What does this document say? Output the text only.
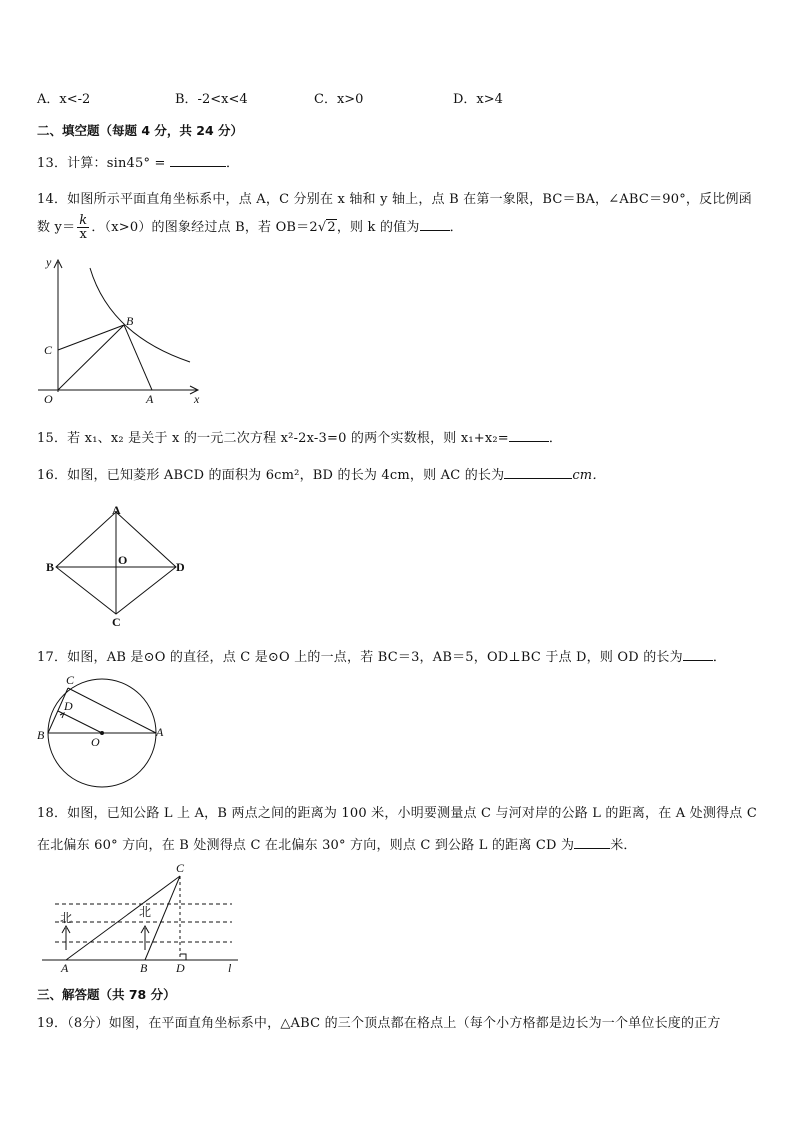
A．x<-2	B．-2<x<4	C．x>0	D．x>4
二、填空题（每题 4 分，共 24 分）
13．计算：sin45° =	．
14．如图所示平面直角坐标系中，点 A，C 分别在 x 轴和 y 轴上，点 B 在第一象限，BC＝BA，∠ABC＝90°，反比例函
数 $y= \frac{k}{x}$ ．（x>0）的图象经过点 B，若 OB＝2√2，则 k 的值为 ．
y
B
C
O	A	x
15．若 x₁、x₂ 是关于 x 的一元二次方程 x²-2x-3=0 的两个实数根，则 x₁+x₂=	．
16．如图，已知菱形 ABCD 的面积为 6cm²，BD 的长为 4cm，则 AC 的长为	cm．
A
B	D
C
O
17．如图，AB 是⊙O 的直径，点 C 是⊙O 上的一点，若 BC＝3，AB＝5，OD⊥BC 于点 D，则 OD 的长为 ．
C
D
B	O
A
18．如图，已知公路 L 上 A，B 两点之间的距离为 100 米，小明要测量点 C 与河对岸的公路 L 的距离，在 A 处测得点 C
在北偏东 60° 方向，在 B 处测得点 C 在北偏东 30° 方向，则点 C 到公路 L 的距离 CD 为	米．
C
北	北
A	B D	l
三、解答题（共 78 分）
19．（8分）如图，在平面直角坐标系中，△ABC 的三个顶点都在格点上（每个小方格都是边长为一个单位长度的正方
